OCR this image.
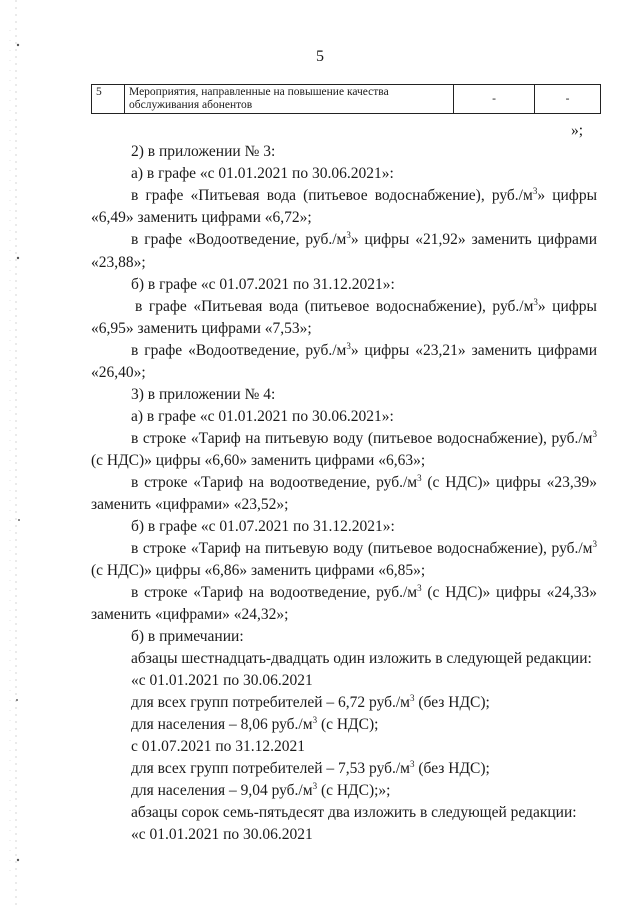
5
5	Мероприятия, направленные на повышение качества
обслуживания абонентов	-	-
»;
2) в приложении № 3:
а) в графе «с 01.01.2021 по 30.06.2021»:
в графе «Питьевая вода (питьевое водоснабжение), $руб./м^3$» цифры
«6,49» заменить цифрами «6,72»;
в графе «Водоотведение, $руб./м^3$» цифры «21,92» заменить цифрами
«23,88»;
б) в графе «с 01.07.2021 по 31.12.2021»:
в графе «Питьевая вода (питьевое водоснабжение), $руб./м^3$» цифры
«6,95» заменить цифрами «7,53»;
в графе «Водоотведение, $руб./м^3$» цифры «23,21» заменить цифрами
«26,40»;
3) в приложении № 4:
а) в графе «с 01.01.2021 по 30.06.2021»:
в строке «Тариф на питьевую воду (питьевое водоснабжение), $руб./м^3$
(с НДС)» цифры «6,60» заменить цифрами «6,63»;
в строке «Тариф на водоотведение, $руб./м^3$ (с НДС)» цифры «23,39»
заменить «цифрами» «23,52»;
б) в графе «с 01.07.2021 по 31.12.2021»:
в строке «Тариф на питьевую воду (питьевое водоснабжение), $руб./м^3$
(с НДС)» цифры «6,86» заменить цифрами «6,85»;
в строке «Тариф на водоотведение, $руб./м^3$ (с НДС)» цифры «24,33»
заменить «цифрами» «24,32»;
б) в примечании:
абзацы шестнадцать-двадцать один изложить в следующей редакции:
«с 01.01.2021 по 30.06.2021
для всех групп потребителей – 6,72 $руб./м^3$ (без НДС);
для населения – 8,06 $руб./м^3$ (с НДС);
с 01.07.2021 по 31.12.2021
для всех групп потребителей – 7,53 $руб./м^3$ (без НДС);
для населения – 9,04 $руб./м^3$ (с НДС);»;
абзацы сорок семь-пятьдесят два изложить в следующей редакции:
«с 01.01.2021 по 30.06.2021
